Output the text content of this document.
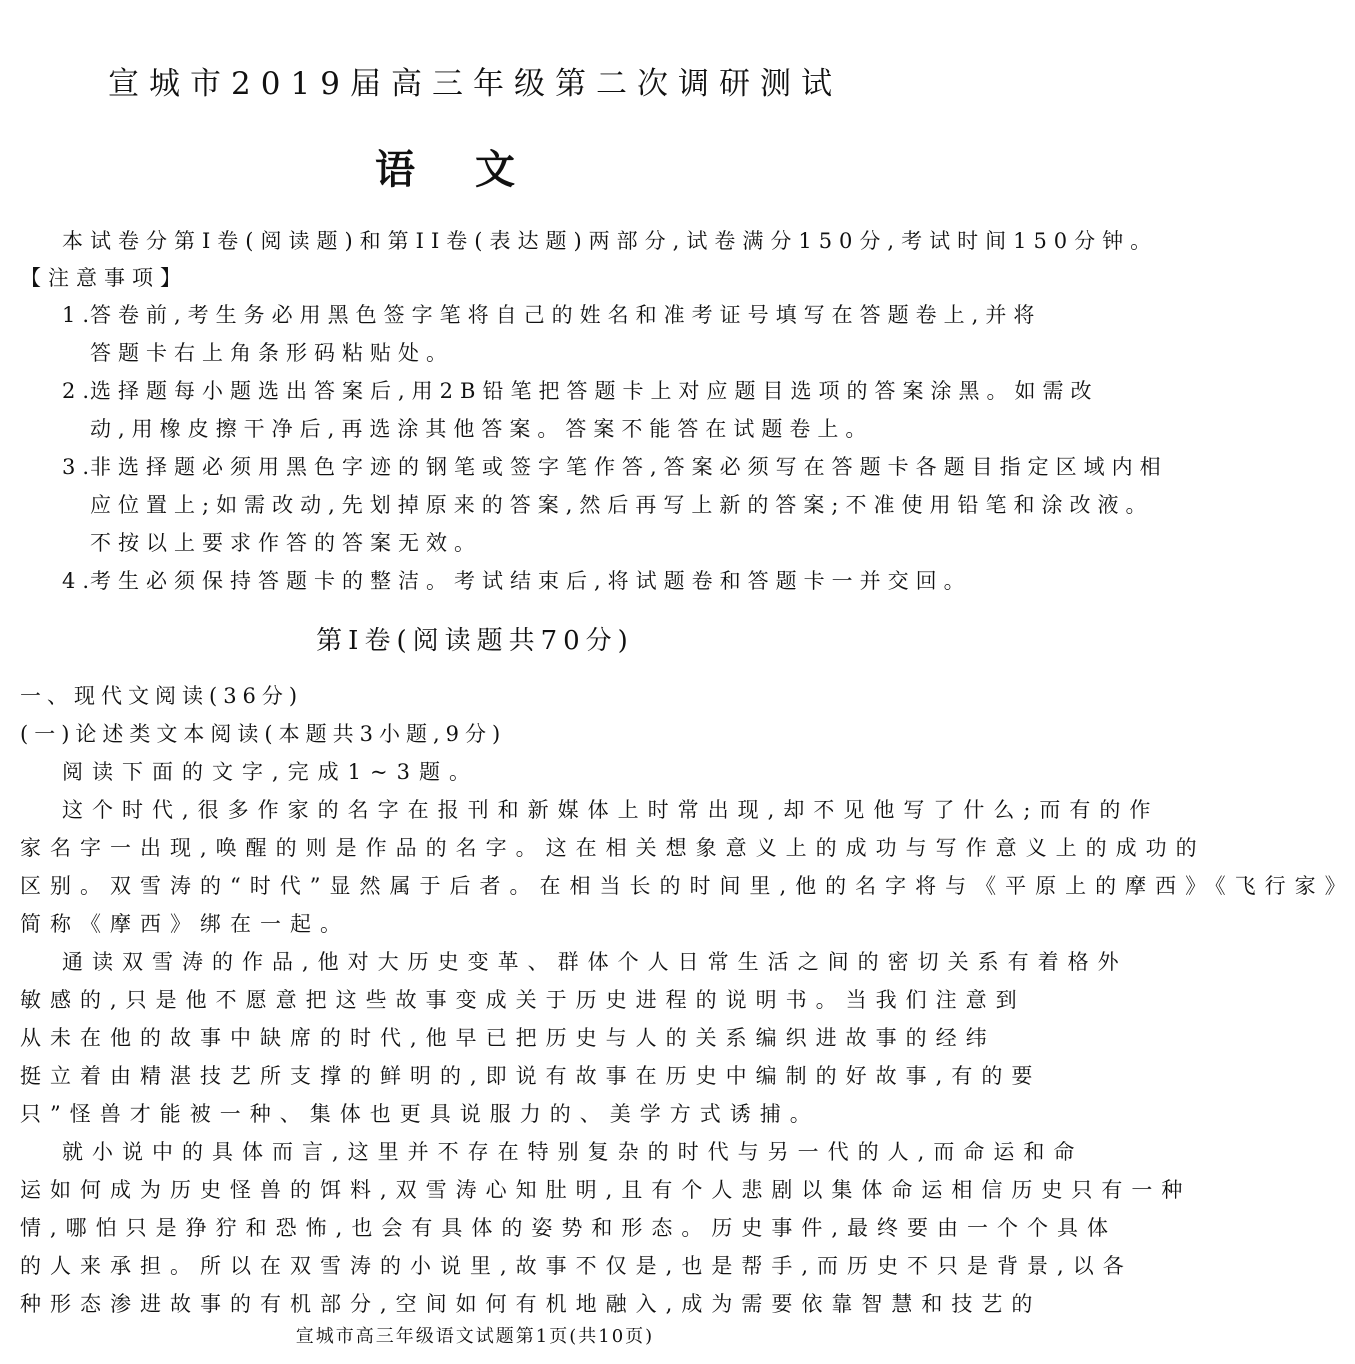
宣城市2019届高三年级第二次调研测试
语文
本试卷分第I卷(阅读题)和第II卷(表达题)两部分,试卷满分150分,考试时间150分钟。
【注意事项】
1.答卷前,考生务必用黑色签字笔将自己的姓名和准考证号填写在答题卷上,并将
答题卡右上角条形码粘贴处。
2.选择题每小题选出答案后,用2B铅笔把答题卡上对应题目选项的答案涂黑。如需改
动,用橡皮擦干净后,再选涂其他答案。答案不能答在试题卷上。
3.非选择题必须用黑色字迹的钢笔或签字笔作答,答案必须写在答题卡各题目指定区域内相
应位置上;如需改动,先划掉原来的答案,然后再写上新的答案;不准使用铅笔和涂改液。
不按以上要求作答的答案无效。
4.考生必须保持答题卡的整洁。考试结束后,将试题卷和答题卡一并交回。
第Ⅰ卷(阅读题共70分)
一、现代文阅读(36分)
(一)论述类文本阅读(本题共3小题,9分)
阅读下面的文字,完成1~3题。
这个时代,很多作家的名字在报刊和新媒体上时常出现,却不见他写了什么;而有的作
家名字一出现,唤醒的则是作品的名字。这在相关想象意义上的成功与写作意义上的成功的
区别。双雪涛的“时代”显然属于后者。在相当长的时间里,他的名字将与《平原上的摩西》《飞行家》
简称《摩西》绑在一起。
通读双雪涛的作品,他对大历史变革、群体个人日常生活之间的密切关系有着格外
敏感的,只是他不愿意把这些故事变成关于历史进程的说明书。当我们注意到
从未在他的故事中缺席的时代,他早已把历史与人的关系编织进故事的经纬
挺立着由精湛技艺所支撑的鲜明的,即说有故事在历史中编制的好故事,有的要
只”怪兽才能被一种、集体也更具说服力的、美学方式诱捕。
就小说中的具体而言,这里并不存在特别复杂的时代与另一代的人,而命运和命
运如何成为历史怪兽的饵料,双雪涛心知肚明,且有个人悲剧以集体命运相信历史只有一种
情,哪怕只是狰狞和恐怖,也会有具体的姿势和形态。历史事件,最终要由一个个具体
的人来承担。所以在双雪涛的小说里,故事不仅是,也是帮手,而历史不只是背景,以各
种形态渗进故事的有机部分,空间如何有机地融入,成为需要依靠智慧和技艺的
宣城市高三年级语文试题第1页(共10页)
